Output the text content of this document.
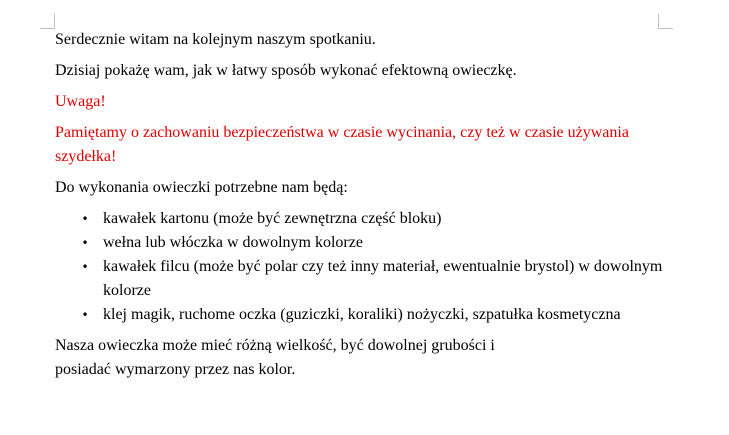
Serdecznie witam na kolejnym naszym spotkaniu.

Dzisiaj pokażę wam, jak w łatwy sposób wykonać efektowną owieczkę.

Uwaga!

Pamiętamy o zachowaniu bezpieczeństwa w czasie wycinania, czy też w czasie używania szydełka!

Do wykonania owieczki potrzebne nam będą:

• kawałek kartonu (może być zewnętrzna część bloku)
• wełna lub włóczka w dowolnym kolorze
• kawałek filcu (może być polar czy też inny materiał, ewentualnie brystol) w dowolnym kolorze
• klej magik, ruchome oczka (guziczki, koraliki) nożyczki, szpatułka kosmetyczna

Nasza owieczka może mieć różną wielkość, być dowolnej grubości i
posiadać wymarzony przez nas kolor.
